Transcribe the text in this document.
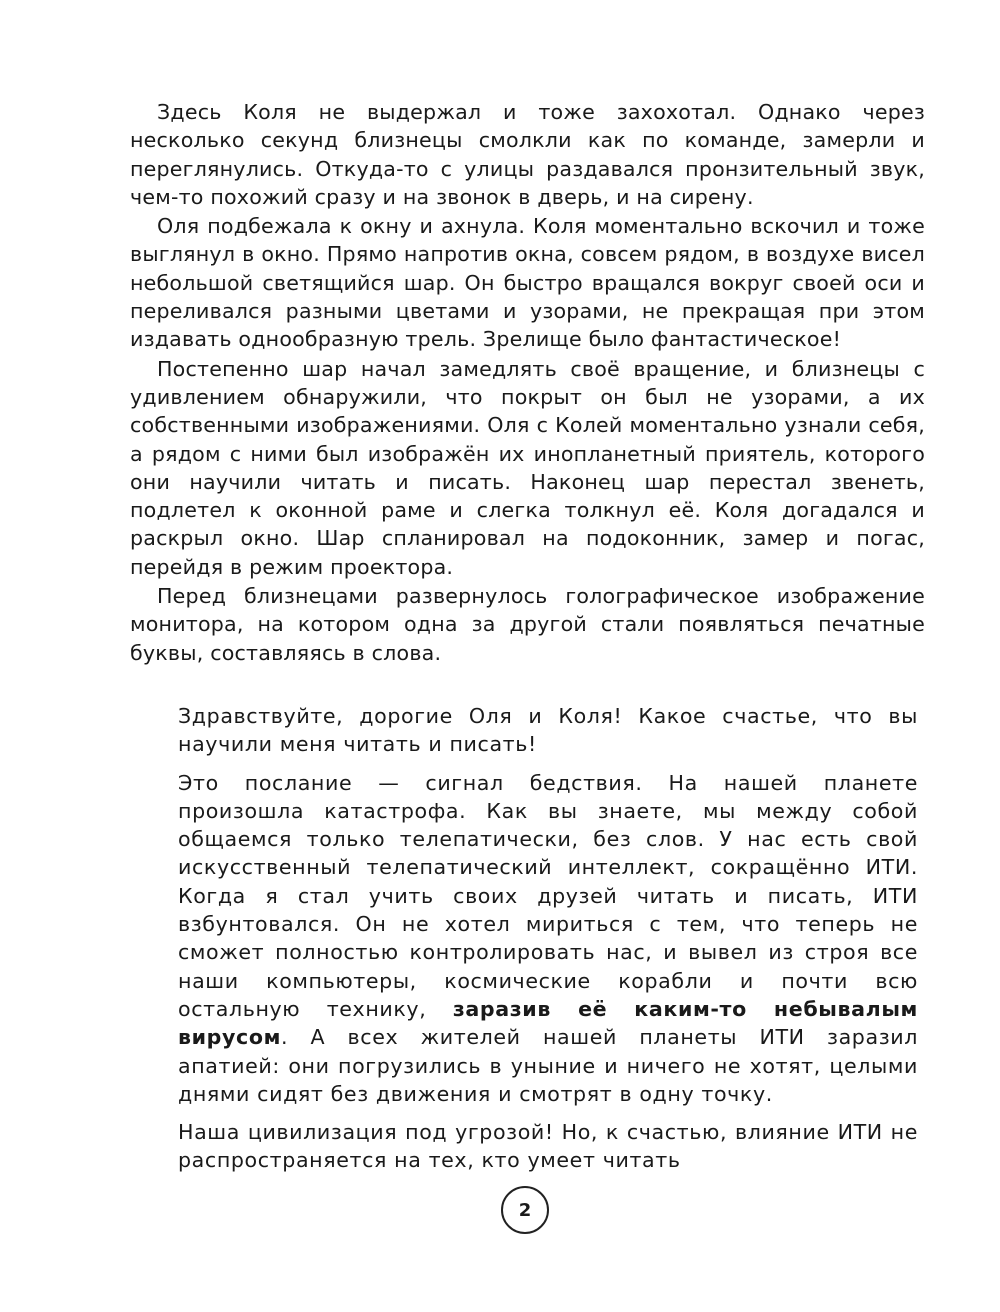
Здесь Коля не выдержал и тоже захохотал. Однако через несколько секунд близнецы смолкли как по команде, замерли и переглянулись. Откуда-то с улицы раздавался пронзительный звук, чем-то похожий сразу и на звонок в дверь, и на сирену.

Оля подбежала к окну и ахнула. Коля моментально вскочил и тоже выглянул в окно. Прямо напротив окна, совсем рядом, в воздухе висел небольшой светящийся шар. Он быстро вращался вокруг своей оси и переливался разными цветами и узорами, не прекращая при этом издавать однообразную трель. Зрелище было фантастическое!

Постепенно шар начал замедлять своё вращение, и близнецы с удивлением обнаружили, что покрыт он был не узорами, а их собственными изображениями. Оля с Колей моментально узнали себя, а рядом с ними был изображён их инопланетный приятель, которого они научили читать и писать. Наконец шар перестал звенеть, подлетел к оконной раме и слегка толкнул её. Коля догадался и раскрыл окно. Шар спланировал на подоконник, замер и погас, перейдя в режим проектора.

Перед близнецами развернулось голографическое изображение монитора, на котором одна за другой стали появляться печатные буквы, составляясь в слова.

Здравствуйте, дорогие Оля и Коля! Какое счастье, что вы научили меня читать и писать!

Это послание — сигнал бедствия. На нашей планете произошла катастрофа. Как вы знаете, мы между собой общаемся только телепатически, без слов. У нас есть свой искусственный телепатический интеллект, сокращённо ИТИ. Когда я стал учить своих друзей читать и писать, ИТИ взбунтовался. Он не хотел мириться с тем, что теперь не сможет полностью контролировать нас, и вывел из строя все наши компьютеры, космические корабли и почти всю остальную технику, заразив её каким-то небывалым вирусом. А всех жителей нашей планеты ИТИ заразил апатией: они погрузились в уныние и ничего не хотят, целыми днями сидят без движения и смотрят в одну точку.

Наша цивилизация под угрозой! Но, к счастью, влияние ИТИ не распространяется на тех, кто умеет читать

2
